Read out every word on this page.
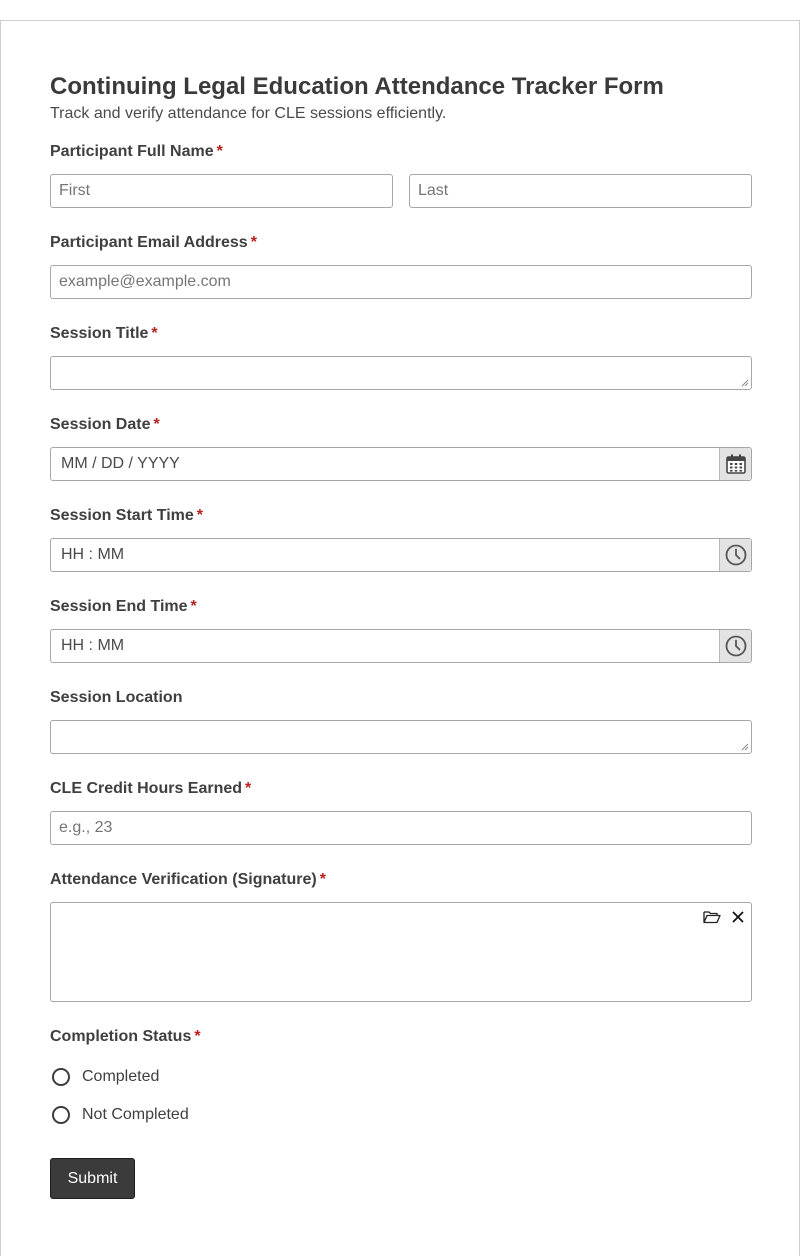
Continuing Legal Education Attendance Tracker Form

Track and verify attendance for CLE sessions efficiently.

Participant Full Name *
First
Last
Participant Email Address *
example@example.com
Session Title *
Session Date *
MM / DD / YYYY
Session Start Time *
HH : MM
Session End Time *
HH : MM
Session Location
CLE Credit Hours Earned *
e.g., 23
Attendance Verification (Signature) *
Completion Status *
Completed
Not Completed
Submit
